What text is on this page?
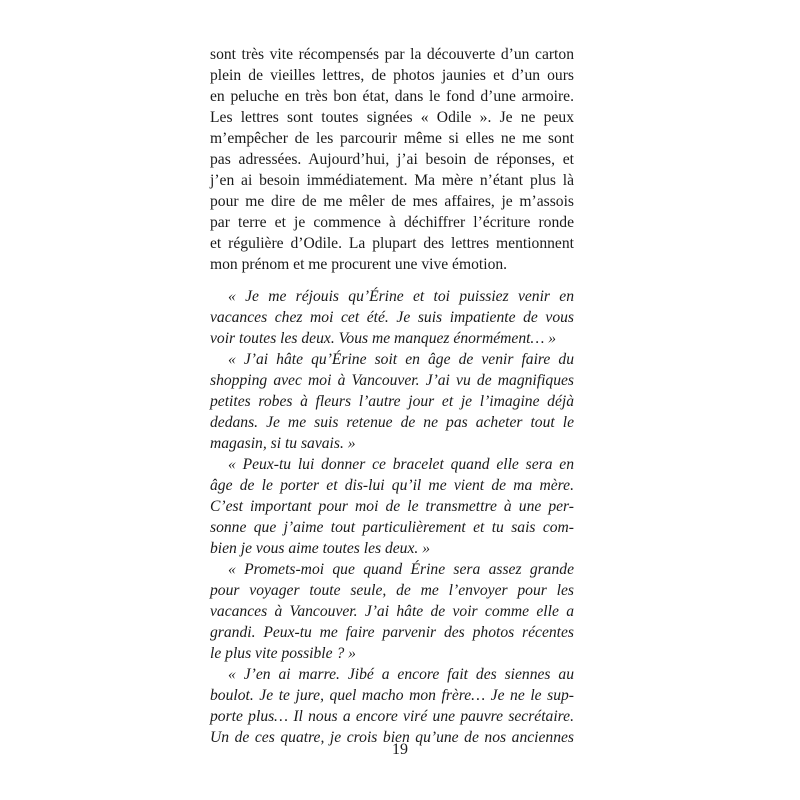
sont très vite récompensés par la découverte d’un carton
plein de vieilles lettres, de photos jaunies et d’un ours
en peluche en très bon état, dans le fond d’une armoire.
Les lettres sont toutes signées « Odile ». Je ne peux
m’empêcher de les parcourir même si elles ne me sont
pas adressées. Aujourd’hui, j’ai besoin de réponses, et
j’en ai besoin immédiatement. Ma mère n’étant plus là
pour me dire de me mêler de mes affaires, je m’assois
par terre et je commence à déchiffrer l’écriture ronde
et régulière d’Odile. La plupart des lettres mentionnent
mon prénom et me procurent une vive émotion.
« Je me réjouis qu’Érine et toi puissiez venir en
vacances chez moi cet été. Je suis impatiente de vous
voir toutes les deux. Vous me manquez énormément… »
« J’ai hâte qu’Érine soit en âge de venir faire du
shopping avec moi à Vancouver. J’ai vu de magnifiques
petites robes à fleurs l’autre jour et je l’imagine déjà
dedans. Je me suis retenue de ne pas acheter tout le
magasin, si tu savais. »
« Peux-tu lui donner ce bracelet quand elle sera en
âge de le porter et dis-lui qu’il me vient de ma mère.
C’est important pour moi de le transmettre à une per-
sonne que j’aime tout particulièrement et tu sais com-
bien je vous aime toutes les deux. »
« Promets-moi que quand Érine sera assez grande
pour voyager toute seule, de me l’envoyer pour les
vacances à Vancouver. J’ai hâte de voir comme elle a
grandi. Peux-tu me faire parvenir des photos récentes
le plus vite possible ? »
« J’en ai marre. Jibé a encore fait des siennes au
boulot. Je te jure, quel macho mon frère… Je ne le sup-
porte plus… Il nous a encore viré une pauvre secrétaire.
Un de ces quatre, je crois bien qu’une de nos anciennes
19
